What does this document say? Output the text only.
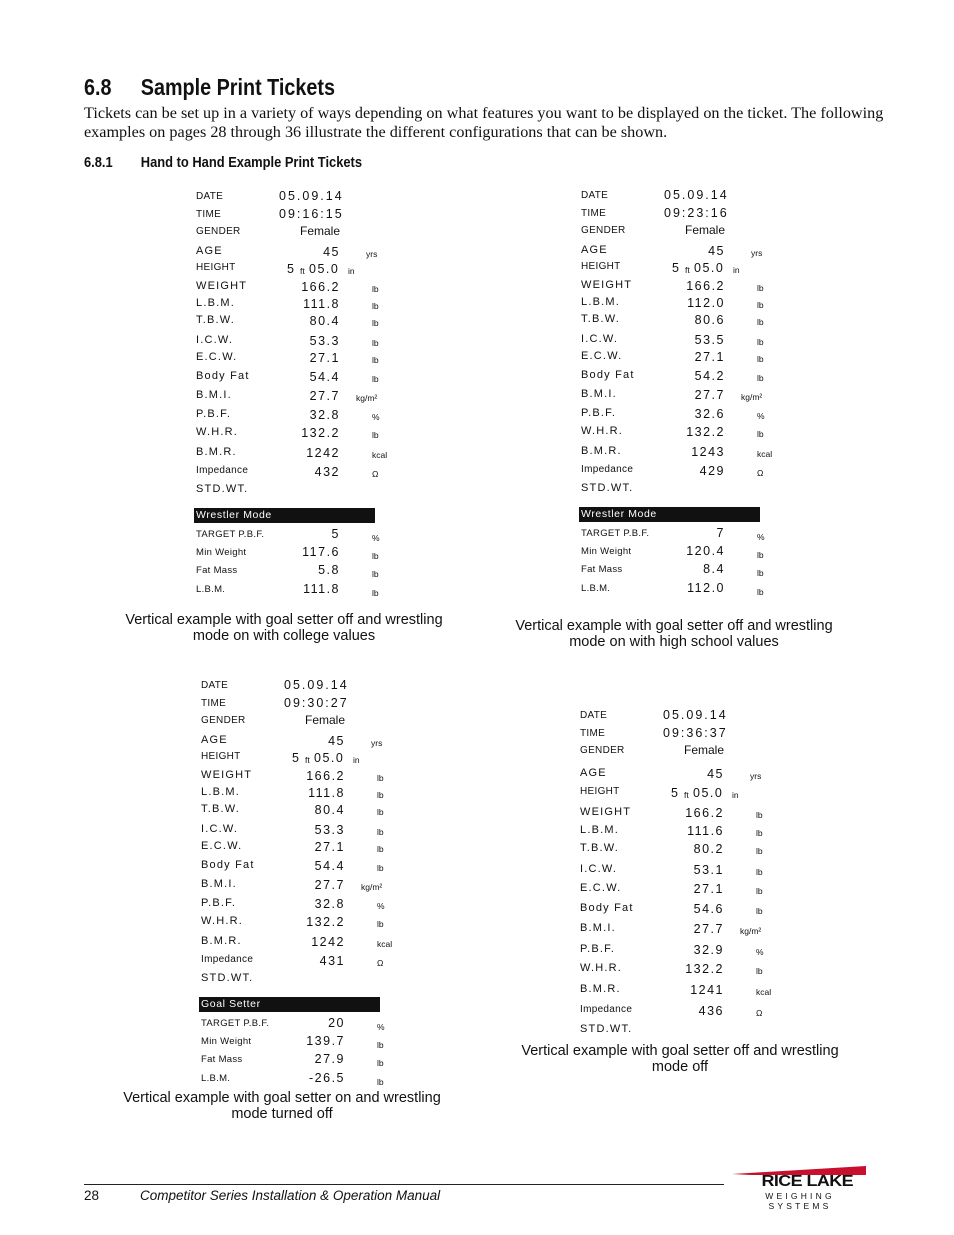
6.8 Sample Print Tickets

Tickets can be set up in a variety of ways depending on what features you want to be displayed on the ticket. The following examples on pages 28 through 36 illustrate the different configurations that can be shown.

6.8.1 Hand to Hand Example Print Tickets
DATE	05.09.14
TIME	09:16:15
GENDER	Female
AGE	45	yrs
HEIGHT	5 ft 05.0 in
WEIGHT	166.2	lb
L.B.M.	111.8	lb
T.B.W.	80.4	lb
I.C.W.	53.3	lb
E.C.W.	27.1	lb
Body Fat	54.4	lb
B.M.I.	27.7 kg/m²
P.B.F.	32.8	%
W.H.R.	132.2	lb
B.M.R.	1242	kcal
Impedance	432	Ω
STD.WT.
Wrestler Mode
TARGET P.B.F.	5	%
Min Weight	117.6	lb
Fat Mass	5.8	lb
L.B.M.	111.8	lb
DATE	05.09.14
TIME	09:23:16
GENDER	Female
AGE	45	yrs
HEIGHT	5 ft 05.0 in
WEIGHT	166.2	lb
L.B.M.	112.0	lb
T.B.W.	80.6	lb
I.C.W.	53.5	lb
E.C.W.	27.1	lb
Body Fat	54.2	lb
B.M.I.	27.7 kg/m²
P.B.F.	32.6	%
W.H.R.	132.2	lb
B.M.R.	1243	kcal
Impedance	429	Ω
STD.WT.
Wrestler Mode
TARGET P.B.F.	7	%
Min Weight	120.4	lb
Fat Mass	8.4	lb
L.B.M.	112.0	lb
DATE	05.09.14
TIME	09:30:27
GENDER	Female
AGE	45	yrs
HEIGHT	5 ft 05.0 in
WEIGHT	166.2	lb
L.B.M.	111.8	lb
T.B.W.	80.4	lb
I.C.W.	53.3	lb
E.C.W.	27.1	lb
Body Fat	54.4	lb
B.M.I.	27.7 kg/m²
P.B.F.	32.8	%
W.H.R.	132.2	lb
B.M.R.	1242	kcal
Impedance	431	Ω
STD.WT.
Goal Setter
TARGET P.B.F.	20	%
Min Weight	139.7	lb
Fat Mass	27.9	lb
L.B.M.	-26.5	lb
DATE	05.09.14
TIME	09:36:37
GENDER	Female
AGE	45	yrs
HEIGHT	5 ft 05.0 in
WEIGHT	166.2	lb
L.B.M.	111.6	lb
T.B.W.	80.2	lb
I.C.W.	53.1	lb
E.C.W.	27.1	lb
Body Fat	54.6	lb
B.M.I.	27.7 kg/m²
P.B.F.	32.9	%
W.H.R.	132.2	lb
B.M.R.	1241	kcal
Impedance	436	Ω
STD.WT.

Vertical example with goal setter off and wrestling mode on with college values

Vertical example with goal setter off and wrestling mode on with high school values

Vertical example with goal setter on and wrestling mode turned off

Vertical example with goal setter off and wrestling mode off

28	Competitor Series Installation & Operation Manual
RICE LAKE
WEIGHING SYSTEMS
